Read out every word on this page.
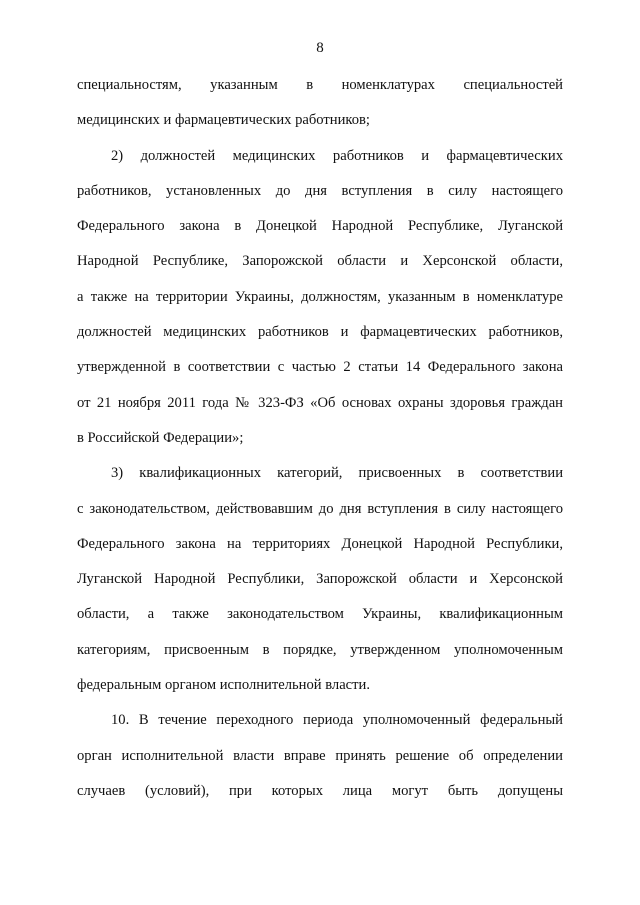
8
специальностям, указанным в номенклатурах специальностей
медицинских и фармацевтических работников;
2) должностей медицинских работников и фармацевтических
работников, установленных до дня вступления в силу настоящего
Федерального закона в Донецкой Народной Республике, Луганской
Народной Республике, Запорожской области и Херсонской области,
а также на территории Украины, должностям, указанным в номенклатуре
должностей медицинских работников и фармацевтических работников,
утвержденной в соответствии с частью 2 статьи 14 Федерального закона
от 21 ноября 2011 года № 323-ФЗ «Об основах охраны здоровья граждан
в Российской Федерации»;
3) квалификационных категорий, присвоенных в соответствии
с законодательством, действовавшим до дня вступления в силу настоящего
Федерального закона на территориях Донецкой Народной Республики,
Луганской Народной Республики, Запорожской области и Херсонской
области, а также законодательством Украины, квалификационным
категориям, присвоенным в порядке, утвержденном уполномоченным
федеральным органом исполнительной власти.
10. В течение переходного периода уполномоченный федеральный
орган исполнительной власти вправе принять решение об определении
случаев (условий), при которых лица могут быть допущены
